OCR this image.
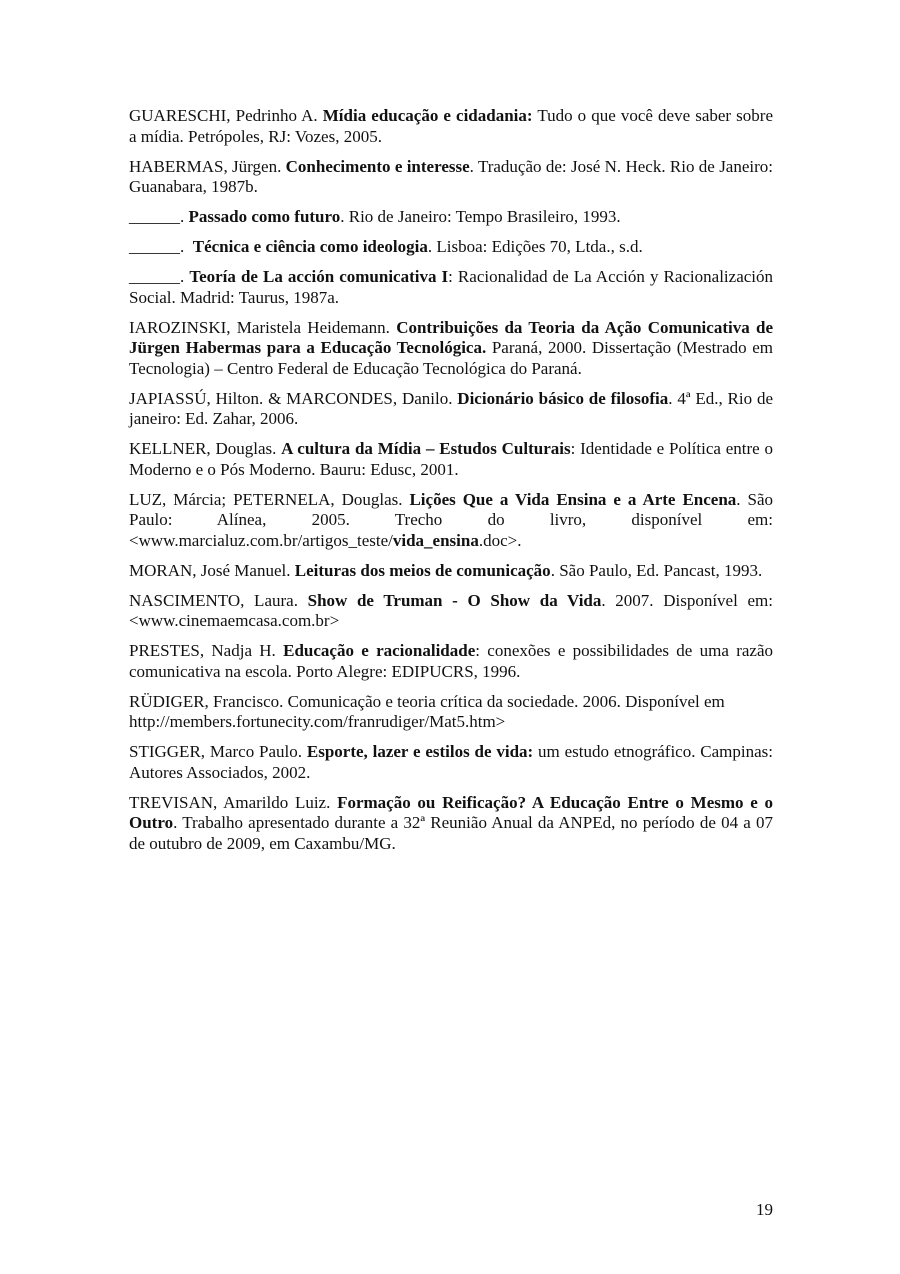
GUARESCHI, Pedrinho A. Mídia educação e cidadania: Tudo o que você deve saber sobre a mídia. Petrópoles, RJ: Vozes, 2005.

HABERMAS, Jürgen. Conhecimento e interesse. Tradução de: José N. Heck. Rio de Janeiro: Guanabara, 1987b.

______. Passado como futuro. Rio de Janeiro: Tempo Brasileiro, 1993.

______.  Técnica e ciência como ideologia. Lisboa: Edições 70, Ltda., s.d.

______. Teoría de La acción comunicativa I: Racionalidad de La Acción y Racionalización Social. Madrid: Taurus, 1987a.

IAROZINSKI, Maristela Heidemann. Contribuições da Teoria da Ação Comunicativa de Jürgen Habermas para a Educação Tecnológica. Paraná, 2000. Dissertação (Mestrado em Tecnologia) – Centro Federal de Educação Tecnológica do Paraná.

JAPIASSÚ, Hilton. & MARCONDES, Danilo. Dicionário básico de filosofia. 4ª Ed., Rio de janeiro: Ed. Zahar, 2006.

KELLNER, Douglas. A cultura da Mídia – Estudos Culturais: Identidade e Política entre o Moderno e o Pós Moderno. Bauru: Edusc, 2001.

LUZ, Márcia; PETERNELA, Douglas. Lições Que a Vida Ensina e a Arte Encena. São Paulo: Alínea, 2005. Trecho do livro, disponível em: <www.marcialuz.com.br/artigos_teste/vida_ensina.doc>.

MORAN, José Manuel. Leituras dos meios de comunicação. São Paulo, Ed. Pancast, 1993.

NASCIMENTO, Laura. Show de Truman - O Show da Vida. 2007. Disponível em: <www.cinemaemcasa.com.br>

PRESTES, Nadja H. Educação e racionalidade: conexões e possibilidades de uma razão comunicativa na escola. Porto Alegre: EDIPUCRS, 1996.

RÜDIGER, Francisco. Comunicação e teoria crítica da sociedade. 2006. Disponível em http://members.fortunecity.com/franrudiger/Mat5.htm>

STIGGER, Marco Paulo. Esporte, lazer e estilos de vida: um estudo etnográfico. Campinas: Autores Associados, 2002.

TREVISAN, Amarildo Luiz. Formação ou Reificação? A Educação Entre o Mesmo e o Outro. Trabalho apresentado durante a 32ª Reunião Anual da ANPEd, no período de 04 a 07 de outubro de 2009, em Caxambu/MG.

19
